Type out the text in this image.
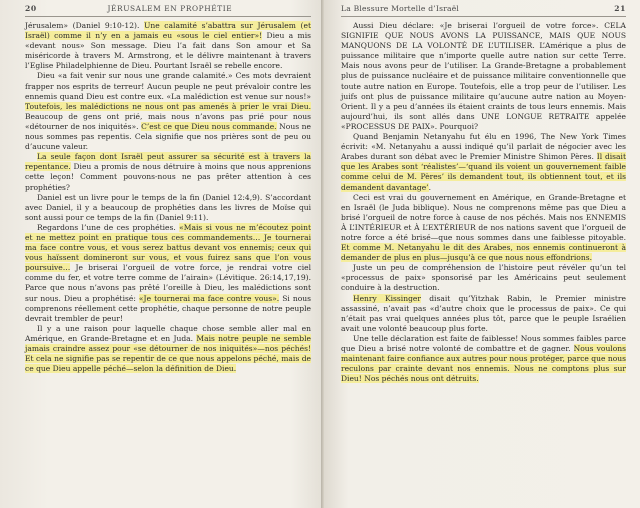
20	JÉRUSALEM EN PROPHÉTIE

Jérusalem» (Daniel 9:10-12). Une calamité s’abattra sur Jérusalem (et Israël) comme il n’y en a jamais eu «sous le ciel entier»! Dieu a mis «devant nous» Son message. Dieu l’a fait dans Son amour et Sa miséricorde à travers M. Armstrong, et le délivre maintenant à travers l’Eglise Philadelphienne de Dieu. Pourtant Israël se rebelle encore.

Dieu «a fait venir sur nous une grande calamité.» Ces mots devraient frapper nos esprits de terreur! Aucun peuple ne peut prévaloir contre les ennemis quand Dieu est contre eux. «La malédiction est venue sur nous!» Toutefois, les malédictions ne nous ont pas amenés à prier le vrai Dieu. Beaucoup de gens ont prié, mais nous n’avons pas prié pour nous «détourner de nos iniquités». C’est ce que Dieu nous commande. Nous ne nous sommes pas repentis. Cela signifie que nos prières sont de peu ou d’aucune valeur.

La seule façon dont Israël peut assurer sa sécurité est à travers la repentance. Dieu a promis de nous détruire à moins que nous apprenions cette leçon! Comment pouvons-nous ne pas prêter attention à ces prophéties?

Daniel est un livre pour le temps de la fin (Daniel 12:4,9). S’accordant avec Daniel, il y a beaucoup de prophéties dans les livres de Moïse qui sont aussi pour ce temps de la fin (Daniel 9:11).

Regardons l’une de ces prophéties. «Mais si vous ne m’écoutez point et ne mettez point en pratique tous ces commandements… Je tournerai ma face contre vous, et vous serez battus devant vos ennemis; ceux qui vous haïssent domineront sur vous, et vous fuirez sans que l’on vous poursuive… Je briserai l’orgueil de votre force, je rendrai votre ciel comme du fer, et votre terre comme de l’airain» (Lévitique. 26:14,17,19). Parce que nous n’avons pas prêté l’oreille à Dieu, les malédictions sont sur nous. Dieu a prophétisé: «Je tournerai ma face contre vous». Si nous comprenons réellement cette prophétie, chaque personne de notre peuple devrait trembler de peur!

Il y a une raison pour laquelle chaque chose semble aller mal en Amérique, en Grande-Bretagne et en Juda. Mais notre peuple ne semble jamais craindre assez pour «se détourner de nos iniquités»—nos péchés! Et cela ne signifie pas se repentir de ce que nous appelons péché, mais de ce que Dieu appelle péché—selon la définition de Dieu.

La Blessure Mortelle d’Israël	21

Aussi Dieu déclare: «Je briserai l’orgueil de votre force». CELA SIGNIFIE QUE NOUS AVONS LA PUISSANCE, MAIS QUE NOUS MANQUONS DE LA VOLONTÉ DE L’UTILISER. L’Amérique a plus de puissance militaire que n’importe quelle autre nation sur cette Terre. Mais nous avons peur de l’utiliser. La Grande-Bretagne a probablement plus de puissance nucléaire et de puissance militaire conventionnelle que toute autre nation en Europe. Toutefois, elle a trop peur de l’utiliser. Les juifs ont plus de puissance militaire qu’aucune autre nation au Moyen-Orient. Il y a peu d’années ils étaient craints de tous leurs ennemis. Mais aujourd’hui, ils sont allés dans UNE LONGUE RETRAITE appelée «PROCESSUS DE PAIX». Pourquoi?

Quand Benjamin Netanyahu fut élu en 1996, The New York Times écrivit: «M. Netanyahu a aussi indiqué qu’il parlait de négocier avec les Arabes durant son débat avec le Premier Ministre Shimon Pères. Il disait que les Arabes sont ‘réalistes’—‘quand ils voient un gouvernement faible comme celui de M. Pères’ ils demandent tout, ils obtiennent tout, et ils demandent davantage’.

Ceci est vrai du gouvernement en Amérique, en Grande-Bretagne et en Israël (le Juda biblique). Nous ne comprenons même pas que Dieu a brisé l’orgueil de notre force à cause de nos péchés. Mais nos ENNEMIS À L’INTÉRIEUR et À L’EXTÉRIEUR de nos nations savent que l’orgueil de notre force a été brisé—que nous sommes dans une faiblesse pitoyable. Et comme M. Netanyahu le dit des Arabes, nos ennemis continueront à demander de plus en plus—jusqu’à ce que nous nous effondrions.

Juste un peu de compréhension de l’histoire peut révéler qu’un tel «processus de paix» sponsorisé par les Américains peut seulement conduire à la destruction.

Henry Kissinger disait qu’Yitzhak Rabin, le Premier ministre assassiné, n’avait pas «d’autre choix que le processus de paix». Ce qui n’était pas vrai quelques années plus tôt, parce que le peuple Israélien avait une volonté beaucoup plus forte.

Une telle déclaration est faite de faiblesse! Nous sommes faibles parce que Dieu a brisé notre volonté de combattre et de gagner. Nous voulons maintenant faire confiance aux autres pour nous protéger, parce que nous reculons par crainte devant nos ennemis. Nous ne comptons plus sur Dieu! Nos péchés nous ont détruits.
